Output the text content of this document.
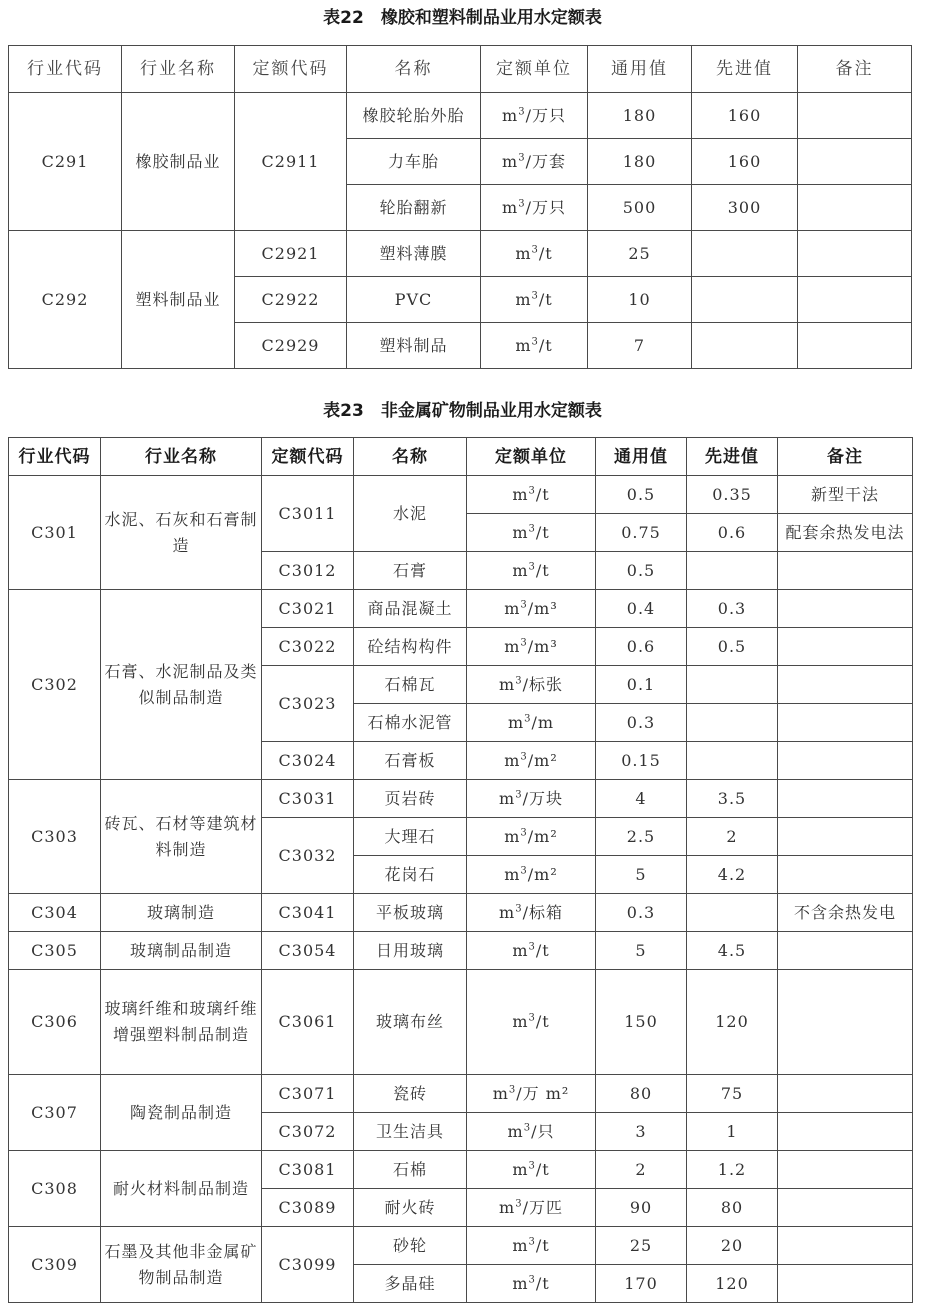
表22　橡胶和塑料制品业用水定额表
行业代码	行业名称	定额代码	名称	定额单位	通用值	先进值	备注
C291	橡胶制品业	C2911	橡胶轮胎外胎	$m^3/$万只	180	160	
			力车胎	$m^3/$万套	180	160	
			轮胎翻新	$m^3/$万只	500	300	
C292	塑料制品业	C2921	塑料薄膜	$m^3/t$	25		
		C2922	PVC	$m^3/t$	10		
		C2929	塑料制品	$m^3/t$	7		
表23　非金属矿物制品业用水定额表
行业代码	行业名称	定额代码	名称	定额单位	通用值	先进值	备注
C301	水泥、石灰和石膏制造	C3011	水泥	$m^3/t$	0.5	0.35	新型干法
				$m^3/t$	0.75	0.6	配套余热发电法
		C3012	石膏	$m^3/t$	0.5		
C302	石膏、水泥制品及类似制品制造	C3021	商品混凝土	$m^3/m^3$	0.4	0.3	
		C3022	砼结构构件	$m^3/m^3$	0.6	0.5	
		C3023	石棉瓦	$m^3/$标张	0.1		
			石棉水泥管	$m^3/m$	0.3		
		C3024	石膏板	$m^3/m^2$	0.15		
C303	砖瓦、石材等建筑材料制造	C3031	页岩砖	$m^3/$万块	4	3.5	
		C3032	大理石	$m^3/m^2$	2.5	2	
			花岗石	$m^3/m^2$	5	4.2	
C304	玻璃制造	C3041	平板玻璃	$m^3/$标箱	0.3		不含余热发电
C305	玻璃制品制造	C3054	日用玻璃	$m^3/t$	5	4.5	
C306	玻璃纤维和玻璃纤维增强塑料制品制造	C3061	玻璃布丝	$m^3/t$	150	120	
C307	陶瓷制品制造	C3071	瓷砖	$m^3/$万 m²	80	75	
		C3072	卫生洁具	$m^3/$只	3	1	
C308	耐火材料制品制造	C3081	石棉	$m^3/t$	2	1.2	
		C3089	耐火砖	$m^3/$万匹	90	80	
C309	石墨及其他非金属矿物制品制造	C3099	砂轮	$m^3/t$	25	20	
			多晶硅	$m^3/t$	170	120	
